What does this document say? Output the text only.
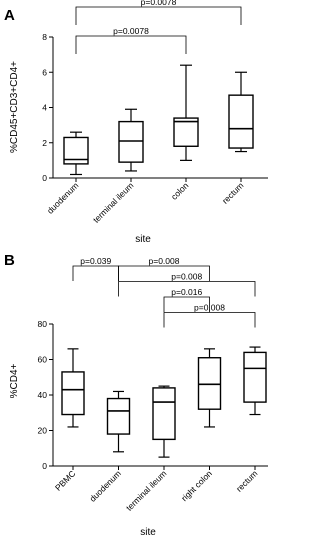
A
%CD45+CD3+CD4+
site
0
2
4
6
8
duodenum terminal ileum	colon	rectum
p=0.0078
p=0.0078
B
%CD4+
site
0
20
40
60
80
PBMC duodenum terminal ileum right colon rectum
p=0.039	p=0.008
p=0.008
p=0.016
p=0.008
